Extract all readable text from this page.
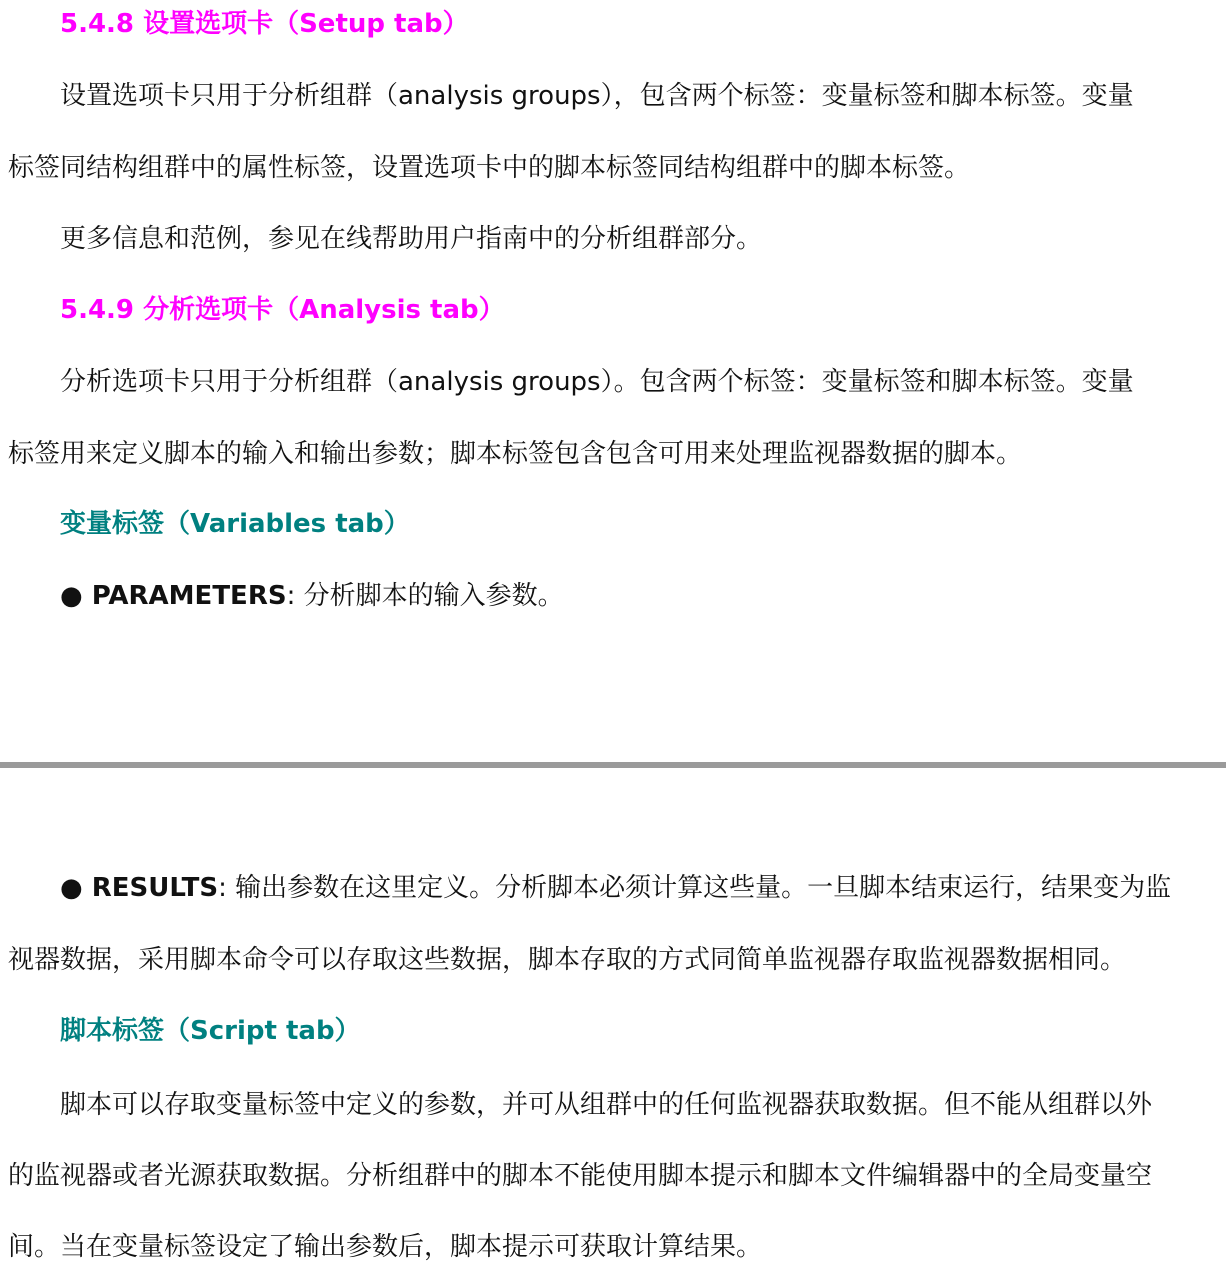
5.4.8 设置选项卡（Setup tab）
设置选项卡只用于分析组群（analysis groups），包含两个标签：变量标签和脚本标签。变量
标签同结构组群中的属性标签，设置选项卡中的脚本标签同结构组群中的脚本标签。
更多信息和范例，参见在线帮助用户指南中的分析组群部分。
5.4.9 分析选项卡（Analysis tab）
分析选项卡只用于分析组群（analysis groups）。包含两个标签：变量标签和脚本标签。变量
标签用来定义脚本的输入和输出参数；脚本标签包含包含可用来处理监视器数据的脚本。
变量标签（Variables tab）
● PARAMETERS: 分析脚本的输入参数。
● RESULTS: 输出参数在这里定义。分析脚本必须计算这些量。一旦脚本结束运行，结果变为监
视器数据，采用脚本命令可以存取这些数据，脚本存取的方式同简单监视器存取监视器数据相同。
脚本标签（Script tab）
脚本可以存取变量标签中定义的参数，并可从组群中的任何监视器获取数据。但不能从组群以外
的监视器或者光源获取数据。分析组群中的脚本不能使用脚本提示和脚本文件编辑器中的全局变量空
间。当在变量标签设定了输出参数后，脚本提示可获取计算结果。
